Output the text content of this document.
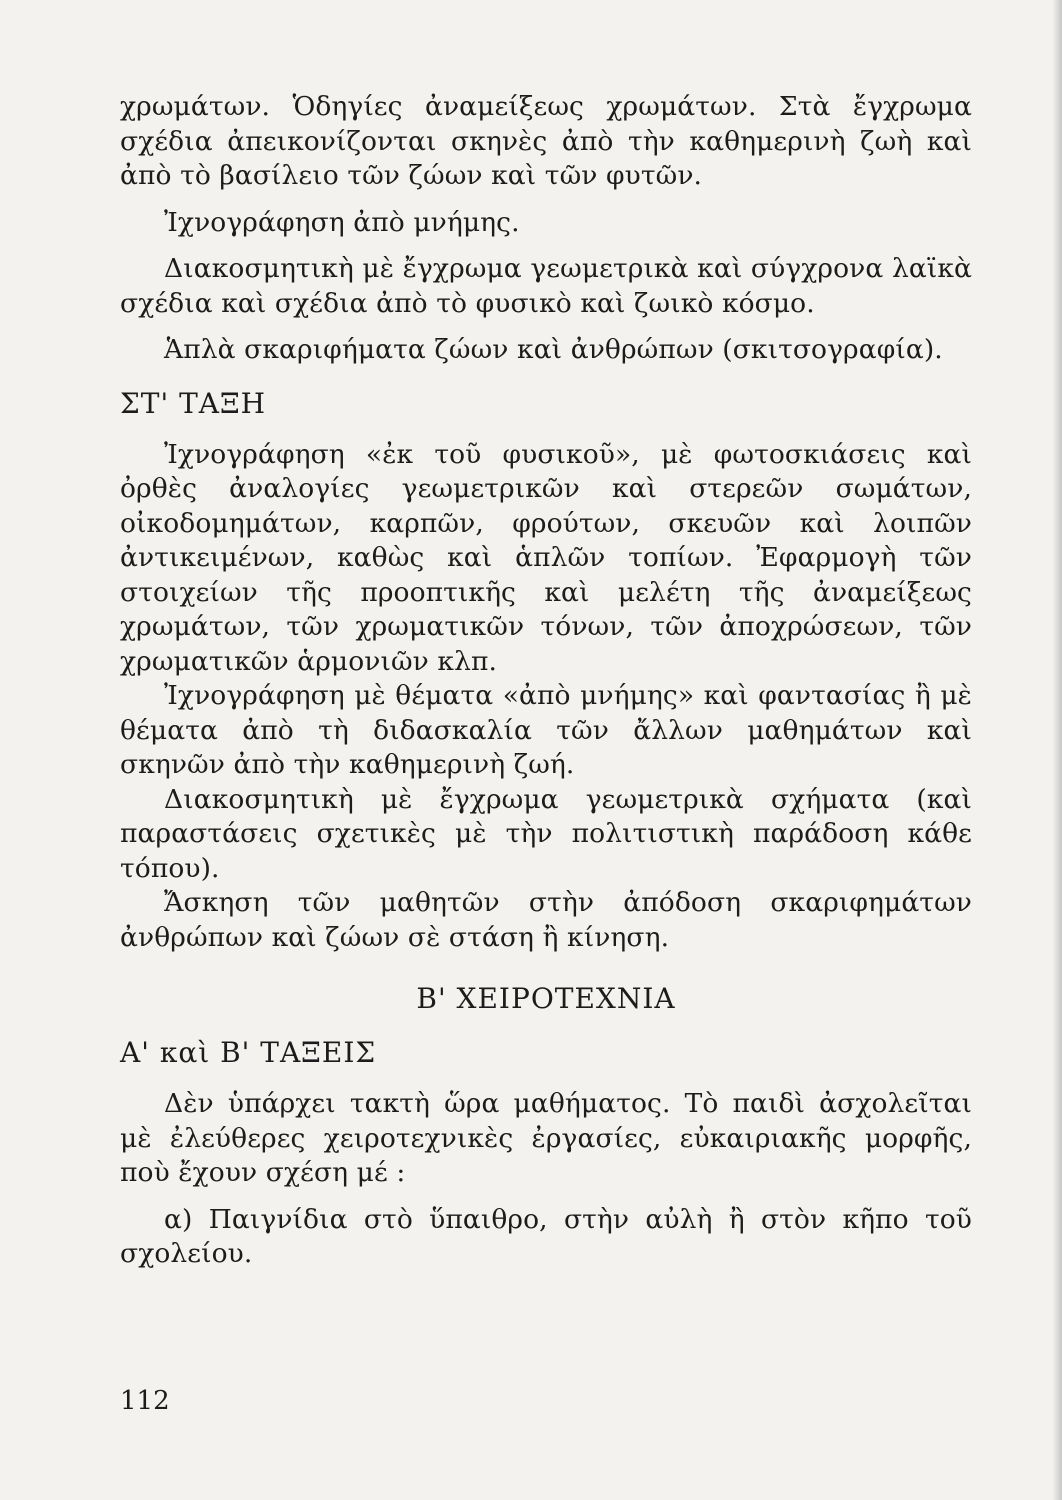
χρωμάτων. Ὁδηγίες ἀναμείξεως χρωμάτων. Στὰ ἔγχρωμα σχέδια ἀπεικονίζονται σκηνὲς ἀπὸ τὴν καθημερινὴ ζωὴ καὶ ἀπὸ τὸ βασίλειο τῶν ζώων καὶ τῶν φυτῶν.

Ἰχνογράφηση ἀπὸ μνήμης.

Διακοσμητικὴ μὲ ἔγχρωμα γεωμετρικὰ καὶ σύγχρονα λαϊκὰ σχέδια καὶ σχέδια ἀπὸ τὸ φυσικὸ καὶ ζωικὸ κόσμο.

Ἁπλὰ σκαριφήματα ζώων καὶ ἀνθρώπων (σκιτσογραφία).

ΣΤ' ΤΑΞΗ

Ἰχνογράφηση «ἐκ τοῦ φυσικοῦ», μὲ φωτοσκιάσεις καὶ ὀρθὲς ἀναλογίες γεωμετρικῶν καὶ στερεῶν σωμάτων, οἰκοδομημάτων, καρπῶν, φρούτων, σκευῶν καὶ λοιπῶν ἀντικειμένων, καθὼς καὶ ἁπλῶν τοπίων. Ἐφαρμογὴ τῶν στοιχείων τῆς προοπτικῆς καὶ μελέτη τῆς ἀναμείξεως χρωμάτων, τῶν χρωματικῶν τόνων, τῶν ἀποχρώσεων, τῶν χρωματικῶν ἁρμονιῶν κλπ.

Ἰχνογράφηση μὲ θέματα «ἀπὸ μνήμης» καὶ φαντασίας ἢ μὲ θέματα ἀπὸ τὴ διδασκαλία τῶν ἄλλων μαθημάτων καὶ σκηνῶν ἀπὸ τὴν καθημερινὴ ζωή.

Διακοσμητικὴ μὲ ἔγχρωμα γεωμετρικὰ σχήματα (καὶ παραστάσεις σχετικὲς μὲ τὴν πολιτιστικὴ παράδοση κάθε τόπου).

Ἄσκηση τῶν μαθητῶν στὴν ἀπόδοση σκαριφημάτων ἀνθρώπων καὶ ζώων σὲ στάση ἢ κίνηση.

Β' ΧΕΙΡΟΤΕΧΝΙΑ
Α' καὶ Β' ΤΑΞΕΙΣ

Δὲν ὑπάρχει τακτὴ ὥρα μαθήματος. Τὸ παιδὶ ἀσχολεῖται μὲ ἐλεύθερες χειροτεχνικὲς ἐργασίες, εὐκαιριακῆς μορφῆς, ποὺ ἔχουν σχέση μέ :

α) Παιγνίδια στὸ ὕπαιθρο, στὴν αὐλὴ ἢ στὸν κῆπο τοῦ σχολείου.

112
